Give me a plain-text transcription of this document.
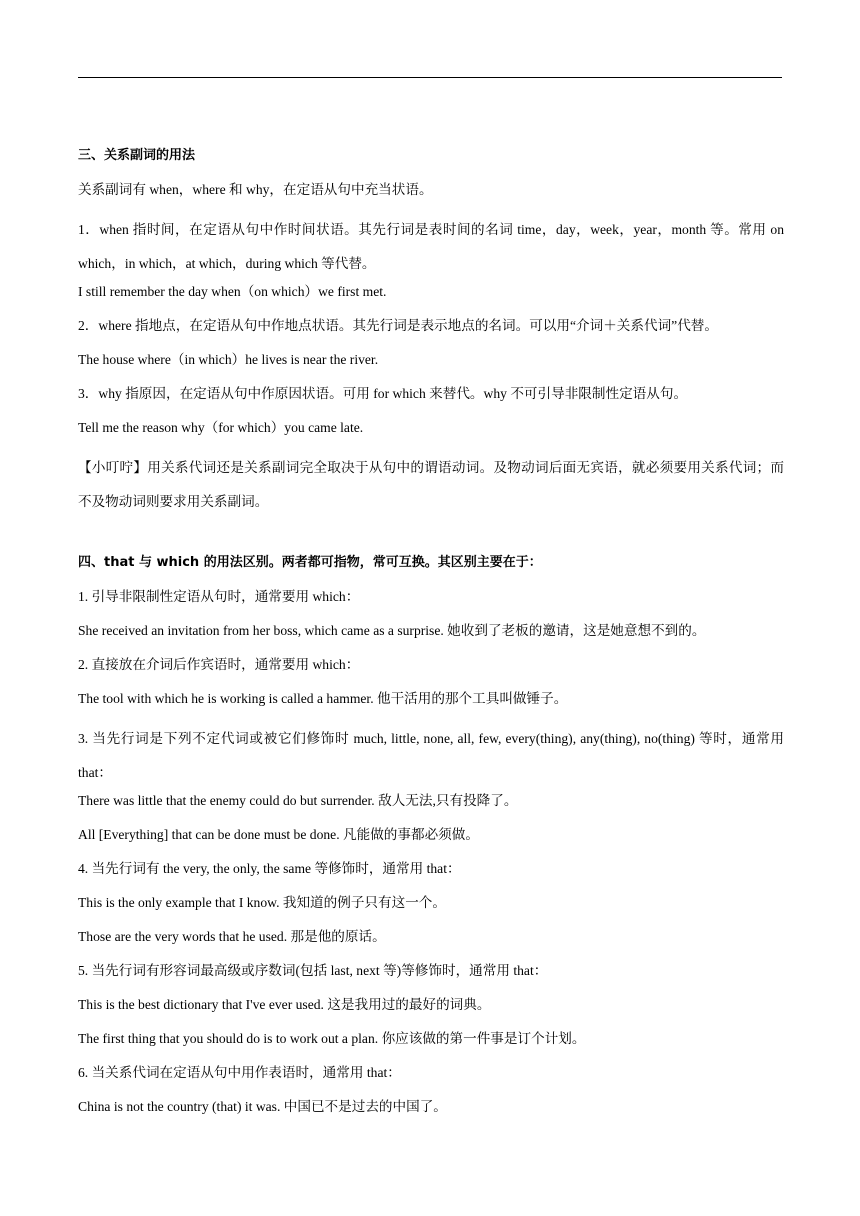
三、关系副词的用法
关系副词有 when，where 和 why，在定语从句中充当状语。
1．when 指时间，在定语从句中作时间状语。其先行词是表时间的名词 time，day，week，year，month 等。常用 on which，in which，at which，during which 等代替。
I still remember the day when（on which）we first met.
2．where 指地点，在定语从句中作地点状语。其先行词是表示地点的名词。可以用“介词＋关系代词”代替。
The house where（in which）he lives is near the river.
3．why 指原因，在定语从句中作原因状语。可用 for which 来替代。why 不可引导非限制性定语从句。
Tell me the reason why（for which）you came late.
【小叮咛】用关系代词还是关系副词完全取决于从句中的谓语动词。及物动词后面无宾语，就必须要用关系代词；而不及物动词则要求用关系副词。
四、that 与 which 的用法区别。两者都可指物，常可互换。其区别主要在于：
1. 引导非限制性定语从句时，通常要用 which：
She received an invitation from her boss, which came as a surprise. 她收到了老板的邀请，这是她意想不到的。
2. 直接放在介词后作宾语时，通常要用 which：
The tool with which he is working is called a hammer. 他干活用的那个工具叫做锤子。
3. 当先行词是下列不定代词或被它们修饰时 much, little, none, all, few, every(thing), any(thing), no(thing) 等时，通常用 that：
There was little that the enemy could do but surrender. 敌人无法,只有投降了。
All [Everything] that can be done must be done. 凡能做的事都必须做。
4. 当先行词有 the very, the only, the same 等修饰时，通常用 that：
This is the only example that I know. 我知道的例子只有这一个。
Those are the very words that he used. 那是他的原话。
5. 当先行词有形容词最高级或序数词(包括 last, next 等)等修饰时，通常用 that：
This is the best dictionary that I've ever used. 这是我用过的最好的词典。
The first thing that you should do is to work out a plan. 你应该做的第一件事是订个计划。
6. 当关系代词在定语从句中用作表语时，通常用 that：
China is not the country (that) it was. 中国已不是过去的中国了。
